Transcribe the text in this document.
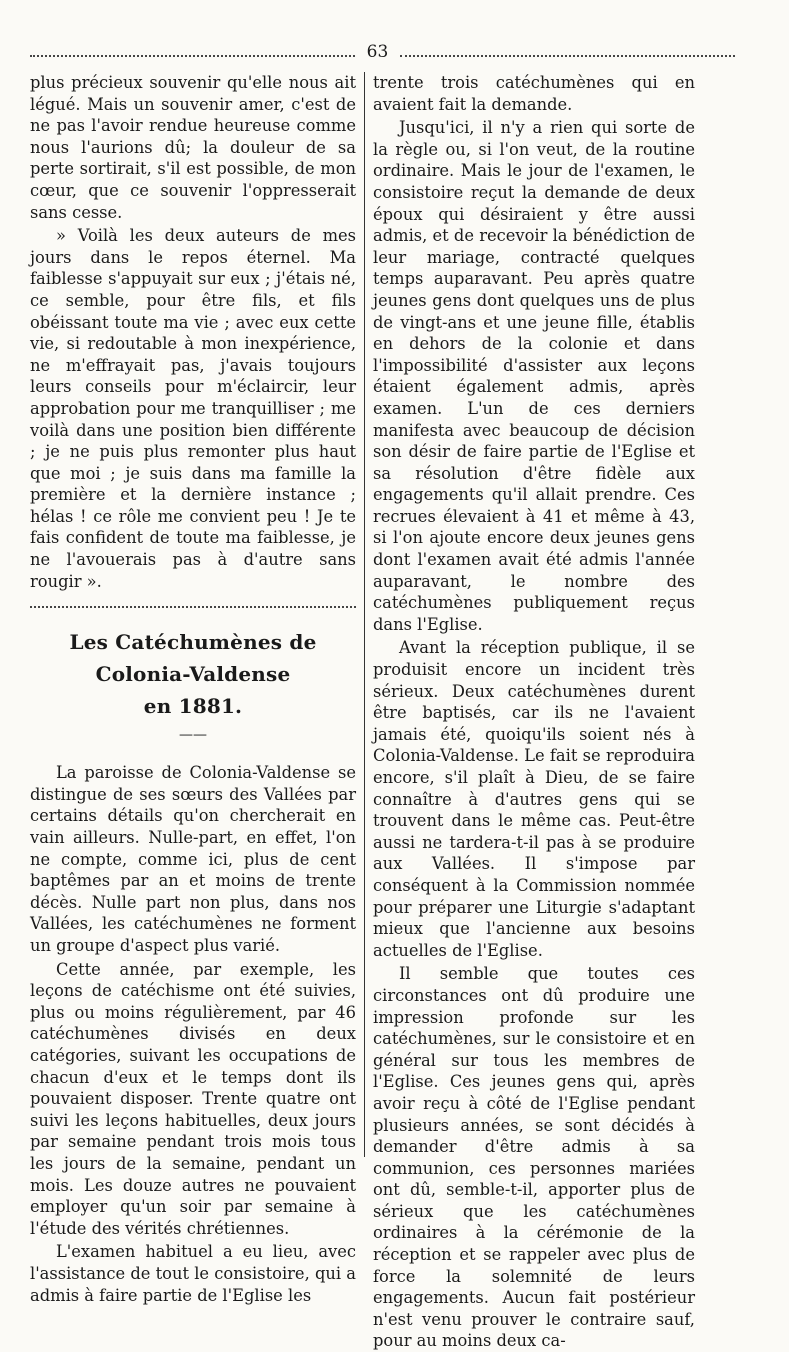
63

plus précieux souvenir qu'elle nous ait légué. Mais un souvenir amer, c'est de ne pas l'avoir rendue heureuse comme nous l'aurions dû; la douleur de sa perte sortirait, s'il est possible, de mon cœur, que ce souvenir l'oppresserait sans cesse.

» Voilà les deux auteurs de mes jours dans le repos éternel. Ma faiblesse s'appuyait sur eux ; j'étais né, ce semble, pour être fils, et fils obéissant toute ma vie ; avec eux cette vie, si redoutable à mon inexpérience, ne m'effrayait pas, j'avais toujours leurs conseils pour m'éclaircir, leur approbation pour me tranquilliser ; me voilà dans une position bien différente ; je ne puis plus remonter plus haut que moi ; je suis dans ma famille la première et la dernière instance ; hélas ! ce rôle me convient peu ! Je te fais confident de toute ma faiblesse, je ne l'avouerais pas à d'autre sans rougir ».

Les Catéchumènes de Colonia-Valdense
en 1881.
——

La paroisse de Colonia-Valdense se distingue de ses sœurs des Vallées par certains détails qu'on chercherait en vain ailleurs. Nulle-part, en effet, l'on ne compte, comme ici, plus de cent baptêmes par an et moins de trente décès. Nulle part non plus, dans nos Vallées, les catéchumènes ne forment un groupe d'aspect plus varié.

Cette année, par exemple, les leçons de catéchisme ont été suivies, plus ou moins régulièrement, par 46 catéchumènes divisés en deux catégories, suivant les occupations de chacun d'eux et le temps dont ils pouvaient disposer. Trente quatre ont suivi les leçons habituelles, deux jours par semaine pendant trois mois tous les jours de la semaine, pendant un mois. Les douze autres ne pouvaient employer qu'un soir par semaine à l'étude des vérités chrétiennes.

L'examen habituel a eu lieu, avec l'assistance de tout le consistoire, qui a admis à faire partie de l'Eglise les

trente trois catéchumènes qui en avaient fait la demande.

Jusqu'ici, il n'y a rien qui sorte de la règle ou, si l'on veut, de la routine ordinaire. Mais le jour de l'examen, le consistoire reçut la demande de deux époux qui désiraient y être aussi admis, et de recevoir la bénédiction de leur mariage, contracté quelques temps auparavant. Peu après quatre jeunes gens dont quelques uns de plus de vingt-ans et une jeune fille, établis en dehors de la colonie et dans l'impossibilité d'assister aux leçons étaient également admis, après examen. L'un de ces derniers manifesta avec beaucoup de décision son désir de faire partie de l'Eglise et sa résolution d'être fidèle aux engagements qu'il allait prendre. Ces recrues élevaient à 41 et même à 43, si l'on ajoute encore deux jeunes gens dont l'examen avait été admis l'année auparavant, le nombre des catéchumènes publiquement reçus dans l'Eglise.

Avant la réception publique, il se produisit encore un incident très sérieux. Deux catéchumènes durent être baptisés, car ils ne l'avaient jamais été, quoiqu'ils soient nés à Colonia-Valdense. Le fait se reproduira encore, s'il plaît à Dieu, de se faire connaître à d'autres gens qui se trouvent dans le même cas. Peut-être aussi ne tardera-t-il pas à se produire aux Vallées. Il s'impose par conséquent à la Commission nommée pour préparer une Liturgie s'adaptant mieux que l'ancienne aux besoins actuelles de l'Eglise.

Il semble que toutes ces circonstances ont dû produire une impression profonde sur les catéchumènes, sur le consistoire et en général sur tous les membres de l'Eglise. Ces jeunes gens qui, après avoir reçu à côté de l'Eglise pendant plusieurs années, se sont décidés à demander d'être admis à sa communion, ces personnes mariées ont dû, semble-t-il, apporter plus de sérieux que les catéchumènes ordinaires à la cérémonie de la réception et se rappeler avec plus de force la solemnité de leurs engagements. Aucun fait postérieur n'est venu prouver le contraire sauf, pour au moins deux ca-
